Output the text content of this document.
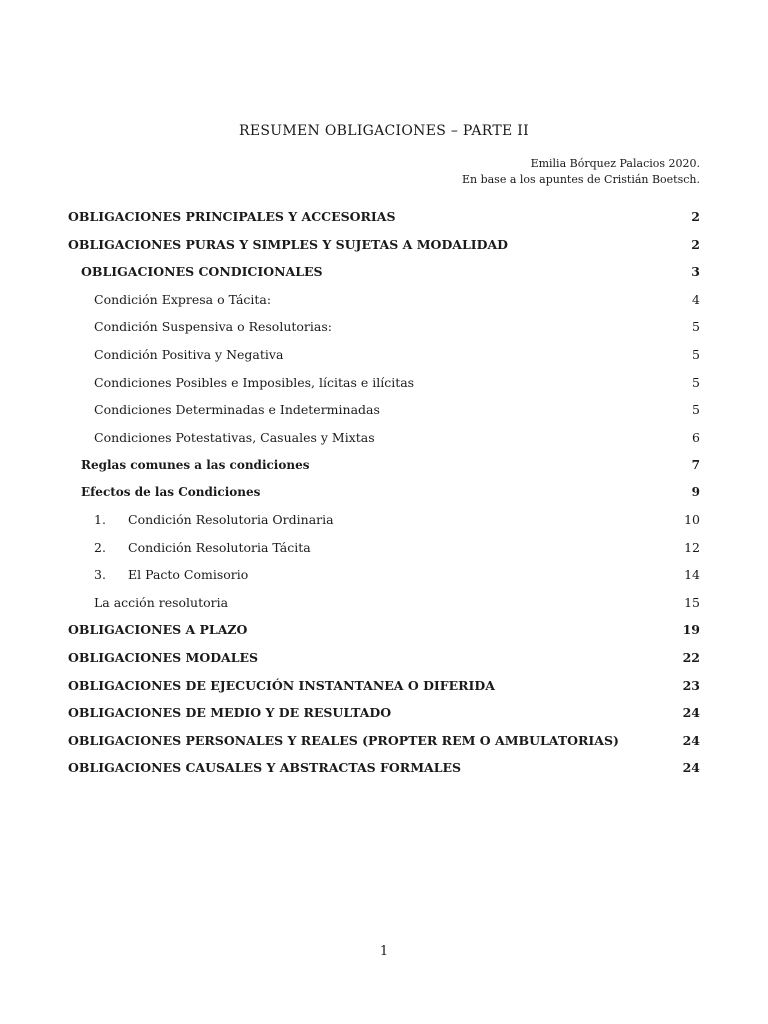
RESUMEN OBLIGACIONES – PARTE II
Emilia Bórquez Palacios 2020.
En base a los apuntes de Cristián Boetsch.
OBLIGACIONES PRINCIPALES Y ACCESORIAS	2
OBLIGACIONES PURAS Y SIMPLES Y SUJETAS A MODALIDAD	2
OBLIGACIONES CONDICIONALES	3
Condición Expresa o Tácita:	4
Condición Suspensiva o Resolutorias:	5
Condición Positiva y Negativa	5
Condiciones Posibles e Imposibles, lícitas e ilícitas	5
Condiciones Determinadas e Indeterminadas	5
Condiciones Potestativas, Casuales y Mixtas	6
Reglas comunes a las condiciones	7
Efectos de las Condiciones	9
1. Condición Resolutoria Ordinaria	10
2. Condición Resolutoria Tácita	12
3. El Pacto Comisorio	14
La acción resolutoria	15
OBLIGACIONES A PLAZO	19
OBLIGACIONES MODALES	22
OBLIGACIONES DE EJECUCIÓN INSTANTANEA O DIFERIDA	23
OBLIGACIONES DE MEDIO Y DE RESULTADO	24
OBLIGACIONES PERSONALES Y REALES (PROPTER REM O AMBULATORIAS)	24
OBLIGACIONES CAUSALES Y ABSTRACTAS FORMALES	24
1
